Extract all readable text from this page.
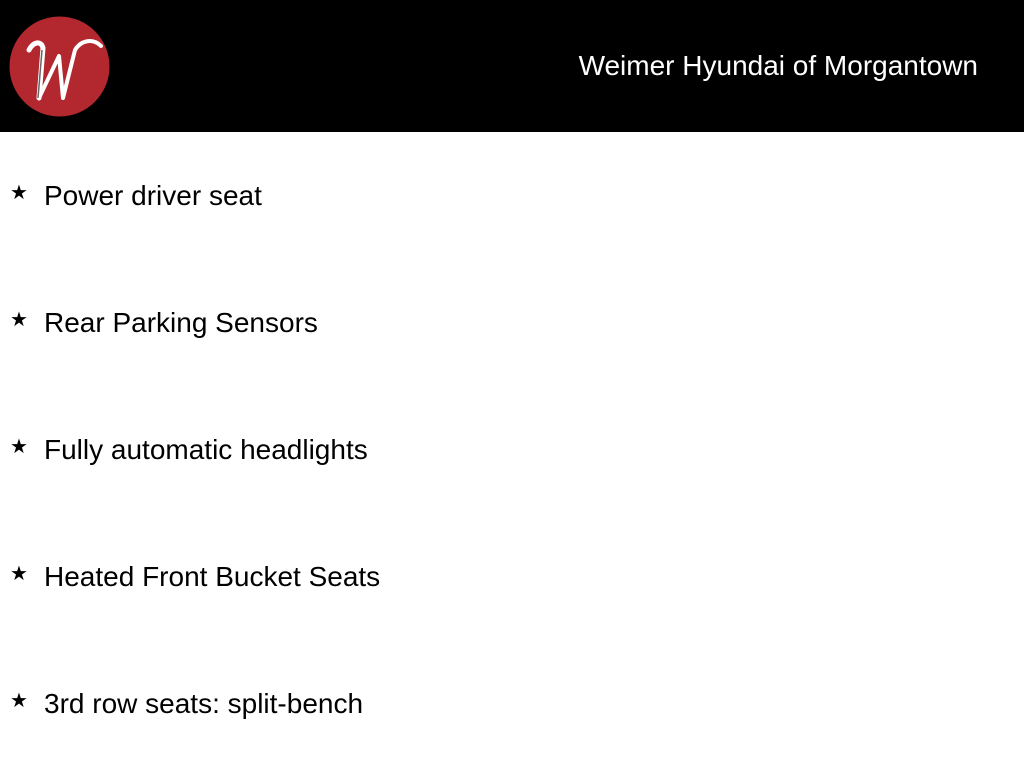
Weimer Hyundai of Morgantown
★ Power driver seat
★ Rear Parking Sensors
★ Fully automatic headlights
★ Heated Front Bucket Seats
★ 3rd row seats: split-bench
